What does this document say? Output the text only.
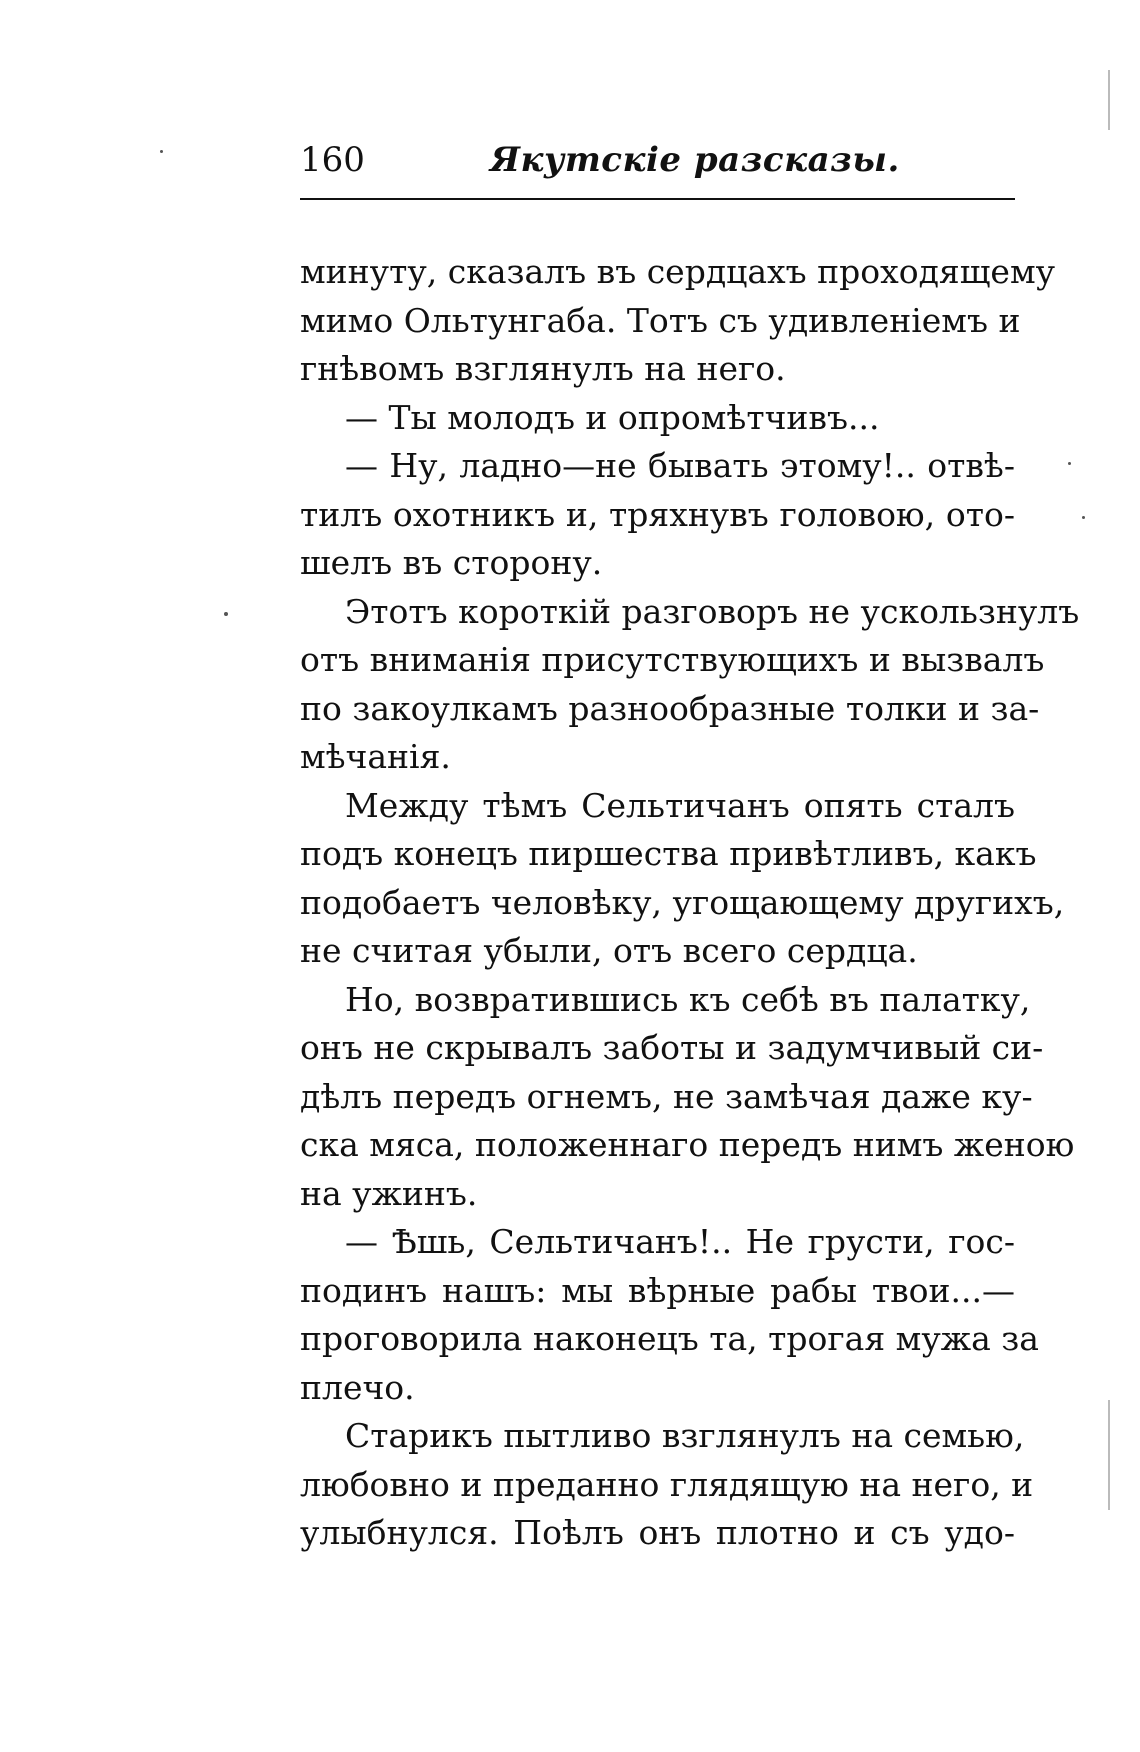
160	Якутскіе разсказы.
минуту, сказалъ въ сердцахъ проходящему
мимо Ольтунгаба. Тотъ съ удивленіемъ и
гнѣвомъ взглянулъ на него.
— Ты молодъ и опромѣтчивъ...
— Ну, ладно—не бывать этому!.. отвѣ-
тилъ охотникъ и, тряхнувъ головою, ото-
шелъ въ сторону.
Этотъ короткій разговоръ не ускользнулъ
отъ вниманія присутствующихъ и вызвалъ
по закоулкамъ разнообразные толки и за-
мѣчанія.
Между тѣмъ Сельтичанъ опять сталъ
подъ конецъ пиршества привѣтливъ, какъ
подобаетъ человѣку, угощающему другихъ,
не считая убыли, отъ всего сердца.
Но, возвратившись къ себѣ въ палатку,
онъ не скрывалъ заботы и задумчивый си-
дѣлъ передъ огнемъ, не замѣчая даже ку-
ска мяса, положеннаго передъ нимъ женою
на ужинъ.
— Ѣшь, Сельтичанъ!.. Не грусти, гос-
подинъ нашъ: мы вѣрные рабы твои...—
проговорила наконецъ та, трогая мужа за
плечо.
Старикъ пытливо взглянулъ на семью,
любовно и преданно глядящую на него, и
улыбнулся. Поѣлъ онъ плотно и съ удо-
